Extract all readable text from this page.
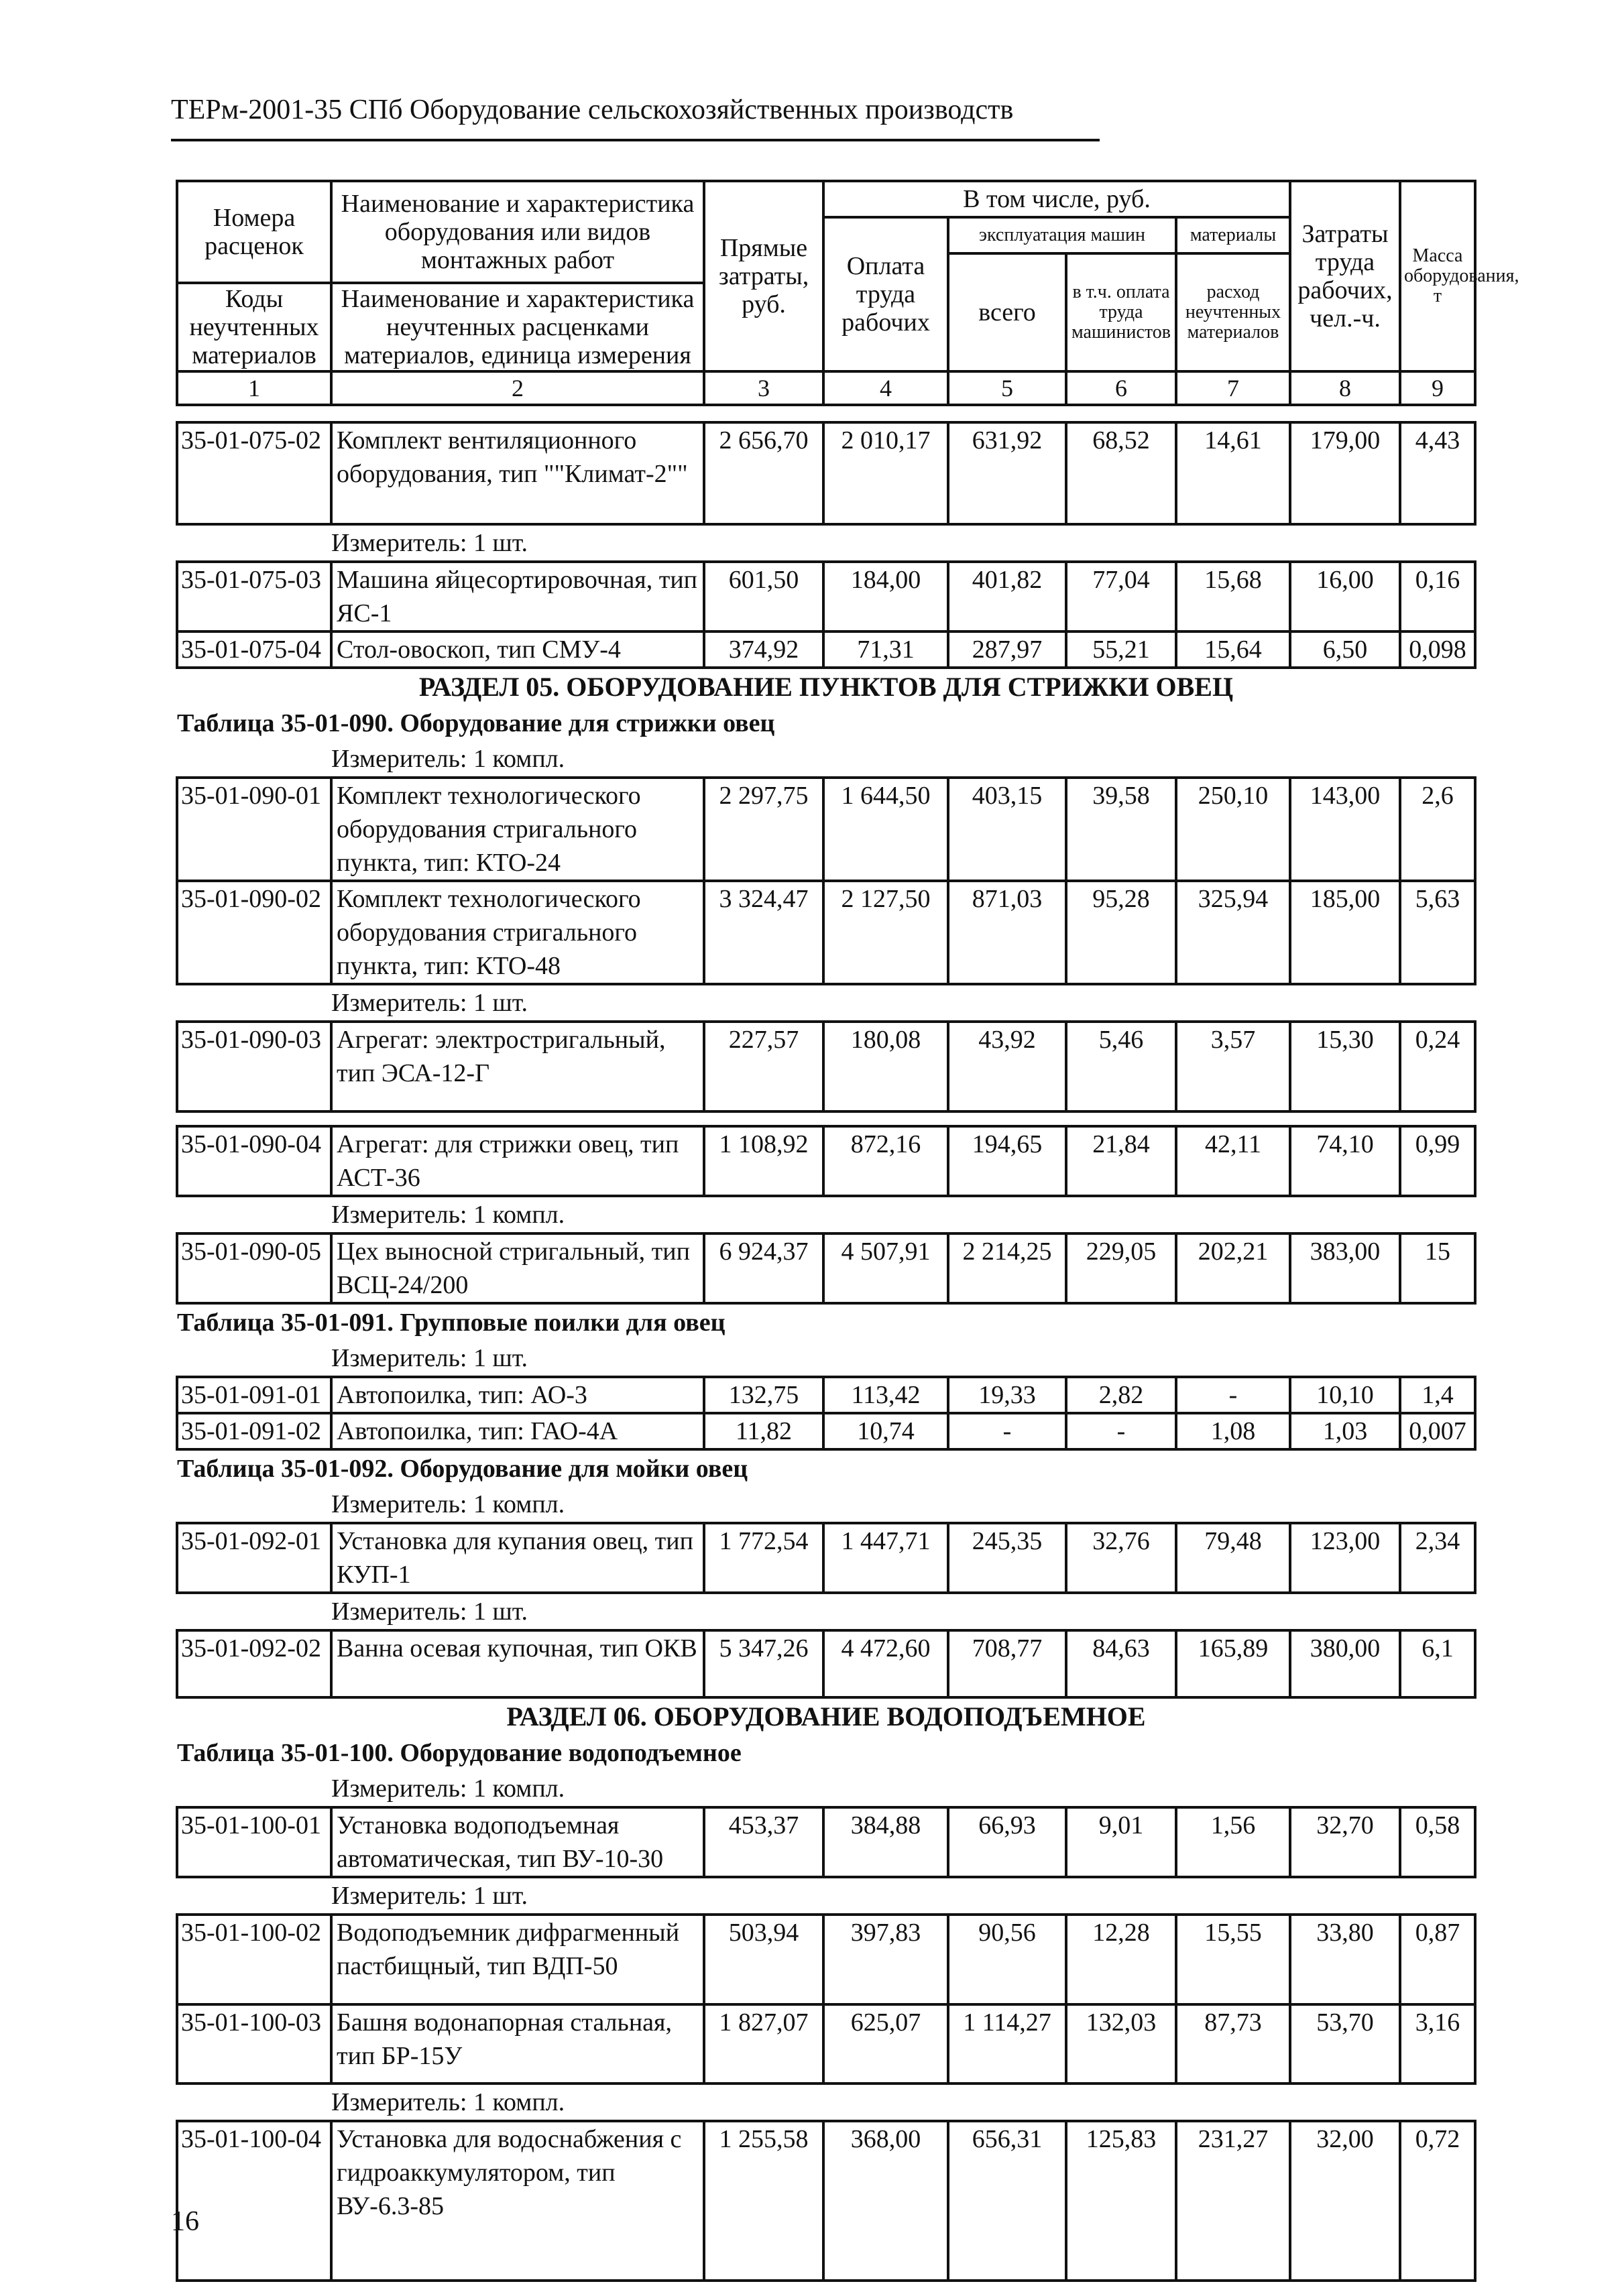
ТЕРм-2001-35 СПб Оборудование сельскохозяйственных производств
Номера расценок	Наименование и характеристика оборудования или видов монтажных работ	Прямые затраты, руб.	В том числе, руб.				Затраты труда рабочих, чел.-ч.	Масса оборудования, т
			Оплата труда рабочих	эксплуатация машин		материалы		
				всего	в т.ч. оплата труда машинистов	расход неучтенных материалов		
Коды неучтенных материалов	Наименование и характеристика неучтенных расценками материалов, единица измерения							

1	2	3	4	5	6	7	8	9
35-01-075-02	Комплект вентиляционного оборудования, тип ""Климат-2""	2 656,70	2 010,17	631,92	68,52	14,61	179,00	4,43
	Измеритель: 1 шт.							
35-01-075-03	Машина яйцесортировочная, тип ЯС-1	601,50	184,00	401,82	77,04	15,68	16,00	0,16
35-01-075-04	Стол-овоскоп, тип СМУ-4	374,92	71,31	287,97	55,21	15,64	6,50	0,098
РАЗДЕЛ 05. ОБОРУДОВАНИЕ ПУНКТОВ ДЛЯ СТРИЖКИ ОВЕЦ								
Таблица 35-01-090. Оборудование для стрижки овец								
	Измеритель: 1 компл.							
35-01-090-01	Комплект технологического оборудования стригального пункта, тип: КТО-24	2 297,75	1 644,50	403,15	39,58	250,10	143,00	2,6
35-01-090-02	Комплект технологического оборудования стригального пункта, тип: КТО-48	3 324,47	2 127,50	871,03	95,28	325,94	185,00	5,63
	Измеритель: 1 шт.							
35-01-090-03	Агрегат: электростригальный, тип ЭСА-12-Г	227,57	180,08	43,92	5,46	3,57	15,30	0,24

35-01-090-04	Агрегат: для стрижки овец, тип АСТ-36	1 108,92	872,16	194,65	21,84	42,11	74,10	0,99
	Измеритель: 1 компл.							
35-01-090-05	Цех выносной стригальный, тип ВСЦ-24/200	6 924,37	4 507,91	2 214,25	229,05	202,21	383,00	15
Таблица 35-01-091. Групповые поилки для овец								
	Измеритель: 1 шт.							
35-01-091-01	Автопоилка, тип: АО-3	132,75	113,42	19,33	2,82	-	10,10	1,4
35-01-091-02	Автопоилка, тип: ГАО-4А	11,82	10,74	-	-	1,08	1,03	0,007
Таблица 35-01-092. Оборудование для мойки овец								
	Измеритель: 1 компл.							
35-01-092-01	Установка для купания овец, тип КУП-1	1 772,54	1 447,71	245,35	32,76	79,48	123,00	2,34
	Измеритель: 1 шт.							
35-01-092-02	Ванна осевая купочная, тип ОКВ	5 347,26	4 472,60	708,77	84,63	165,89	380,00	6,1
РАЗДЕЛ 06. ОБОРУДОВАНИЕ ВОДОПОДЪЕМНОЕ								
Таблица 35-01-100. Оборудование водоподъемное								
	Измеритель: 1 компл.							
35-01-100-01	Установка водоподъемная автоматическая, тип ВУ-10-30	453,37	384,88	66,93	9,01	1,56	32,70	0,58
	Измеритель: 1 шт.							
35-01-100-02	Водоподъемник дифрагменный пастбищный, тип ВДП-50	503,94	397,83	90,56	12,28	15,55	33,80	0,87
35-01-100-03	Башня водонапорная стальная, тип БР-15У	1 827,07	625,07	1 114,27	132,03	87,73	53,70	3,16
	Измеритель: 1 компл.							
35-01-100-04	Установка для водоснабжения с гидроаккумулятором, тип ВУ-6.3-85	1 255,58	368,00	656,31	125,83	231,27	32,00	0,72
16
